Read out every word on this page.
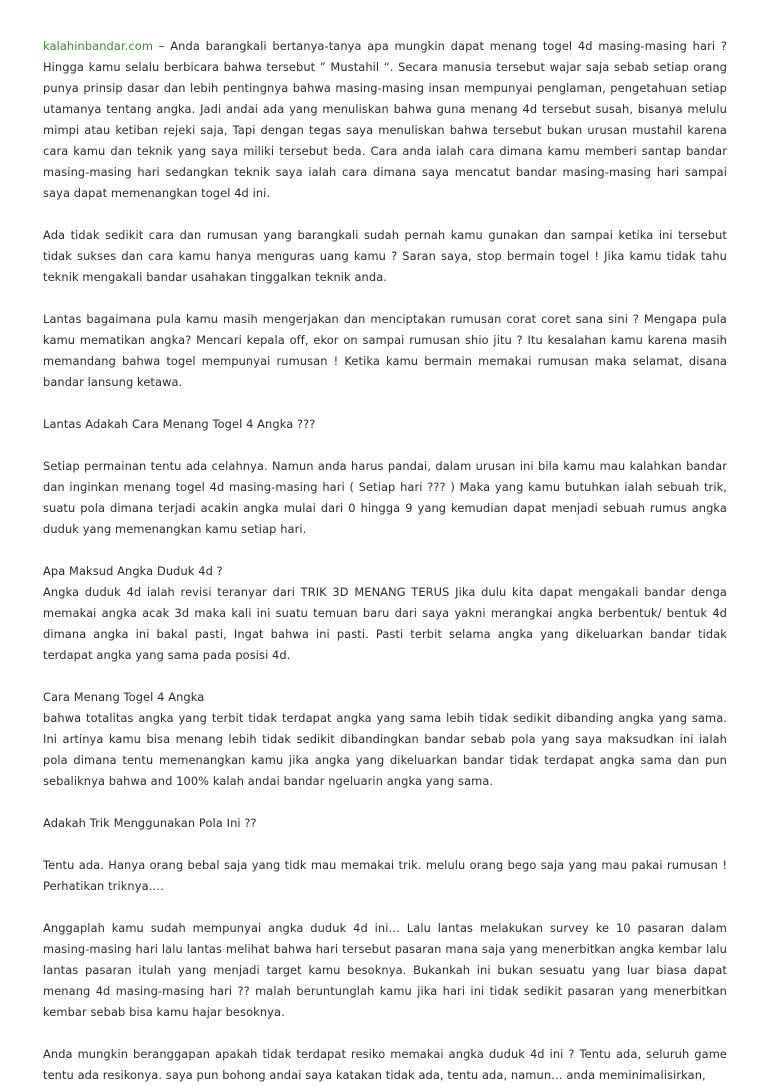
kalahinbandar.com – Anda barangkali bertanya-tanya apa mungkin dapat menang togel 4d masing-masing hari ? Hingga kamu selalu berbicara bahwa tersebut ” Mustahil “. Secara manusia tersebut wajar saja sebab setiap orang punya prinsip dasar dan lebih pentingnya bahwa masing-masing insan mempunyai penglaman, pengetahuan setiap utamanya tentang angka. Jadi andai ada yang menuliskan bahwa guna menang 4d tersebut susah, bisanya melulu mimpi atau ketiban rejeki saja, Tapi dengan tegas saya menuliskan bahwa tersebut bukan urusan mustahil karena cara kamu dan teknik yang saya miliki tersebut beda. Cara anda ialah cara dimana kamu memberi santap bandar masing-masing hari sedangkan teknik saya ialah cara dimana saya mencatut bandar masing-masing hari sampai saya dapat memenangkan togel 4d ini.

Ada tidak sedikit cara dan rumusan yang barangkali sudah pernah kamu gunakan dan sampai ketika ini tersebut tidak sukses dan cara kamu hanya menguras uang kamu ? Saran saya, stop bermain togel ! Jika kamu tidak tahu teknik mengakali bandar usahakan tinggalkan teknik anda.

Lantas bagaimana pula kamu masih mengerjakan dan menciptakan rumusan corat coret sana sini ? Mengapa pula kamu mematikan angka? Mencari kepala off, ekor on sampai rumusan shio jitu ? Itu kesalahan kamu karena masih memandang bahwa togel mempunyai rumusan ! Ketika kamu bermain memakai rumusan maka selamat, disana bandar lansung ketawa.

Lantas Adakah Cara Menang Togel 4 Angka ???

Setiap permainan tentu ada celahnya. Namun anda harus pandai, dalam urusan ini bila kamu mau kalahkan bandar dan inginkan menang togel 4d masing-masing hari ( Setiap hari ??? ) Maka yang kamu butuhkan ialah sebuah trik, suatu pola dimana terjadi acakin angka mulai dari 0 hingga 9 yang kemudian dapat menjadi sebuah rumus angka duduk yang memenangkan kamu setiap hari.

Apa Maksud Angka Duduk 4d ?
Angka duduk 4d ialah revisi teranyar dari TRIK 3D MENANG TERUS Jika dulu kita dapat mengakali bandar denga memakai angka acak 3d maka kali ini suatu temuan baru dari saya yakni merangkai angka berbentuk/ bentuk 4d dimana angka ini bakal pasti, Ingat bahwa ini pasti. Pasti terbit selama angka yang dikeluarkan bandar tidak terdapat angka yang sama pada posisi 4d.
Cara Menang Togel 4 Angka
bahwa totalitas angka yang terbit tidak terdapat angka yang sama lebih tidak sedikit dibanding angka yang sama. Ini artinya kamu bisa menang lebih tidak sedikit dibandingkan bandar sebab pola yang saya maksudkan ini ialah pola dimana tentu memenangkan kamu jika angka yang dikeluarkan bandar tidak terdapat angka sama dan pun sebaliknya bahwa and 100% kalah andai bandar ngeluarin angka yang sama.

Adakah Trik Menggunakan Pola Ini ??

Tentu ada. Hanya orang bebal saja yang tidk mau memakai trik. melulu orang bego saja yang mau pakai rumusan ! Perhatikan triknya….

Anggaplah kamu sudah mempunyai angka duduk 4d ini… Lalu lantas melakukan survey ke 10 pasaran dalam masing-masing hari lalu lantas melihat bahwa hari tersebut pasaran mana saja yang menerbitkan angka kembar lalu lantas pasaran itulah yang menjadi target kamu besoknya. Bukankah ini bukan sesuatu yang luar biasa dapat menang 4d masing-masing hari ?? malah beruntunglah kamu jika hari ini tidak sedikit pasaran yang menerbitkan kembar sebab bisa kamu hajar besoknya.

Anda mungkin beranggapan apakah tidak terdapat resiko memakai angka duduk 4d ini ? Tentu ada, seluruh game tentu ada resikonya. saya pun bohong andai saya katakan tidak ada, tentu ada, namun… anda meminimalisirkan,
